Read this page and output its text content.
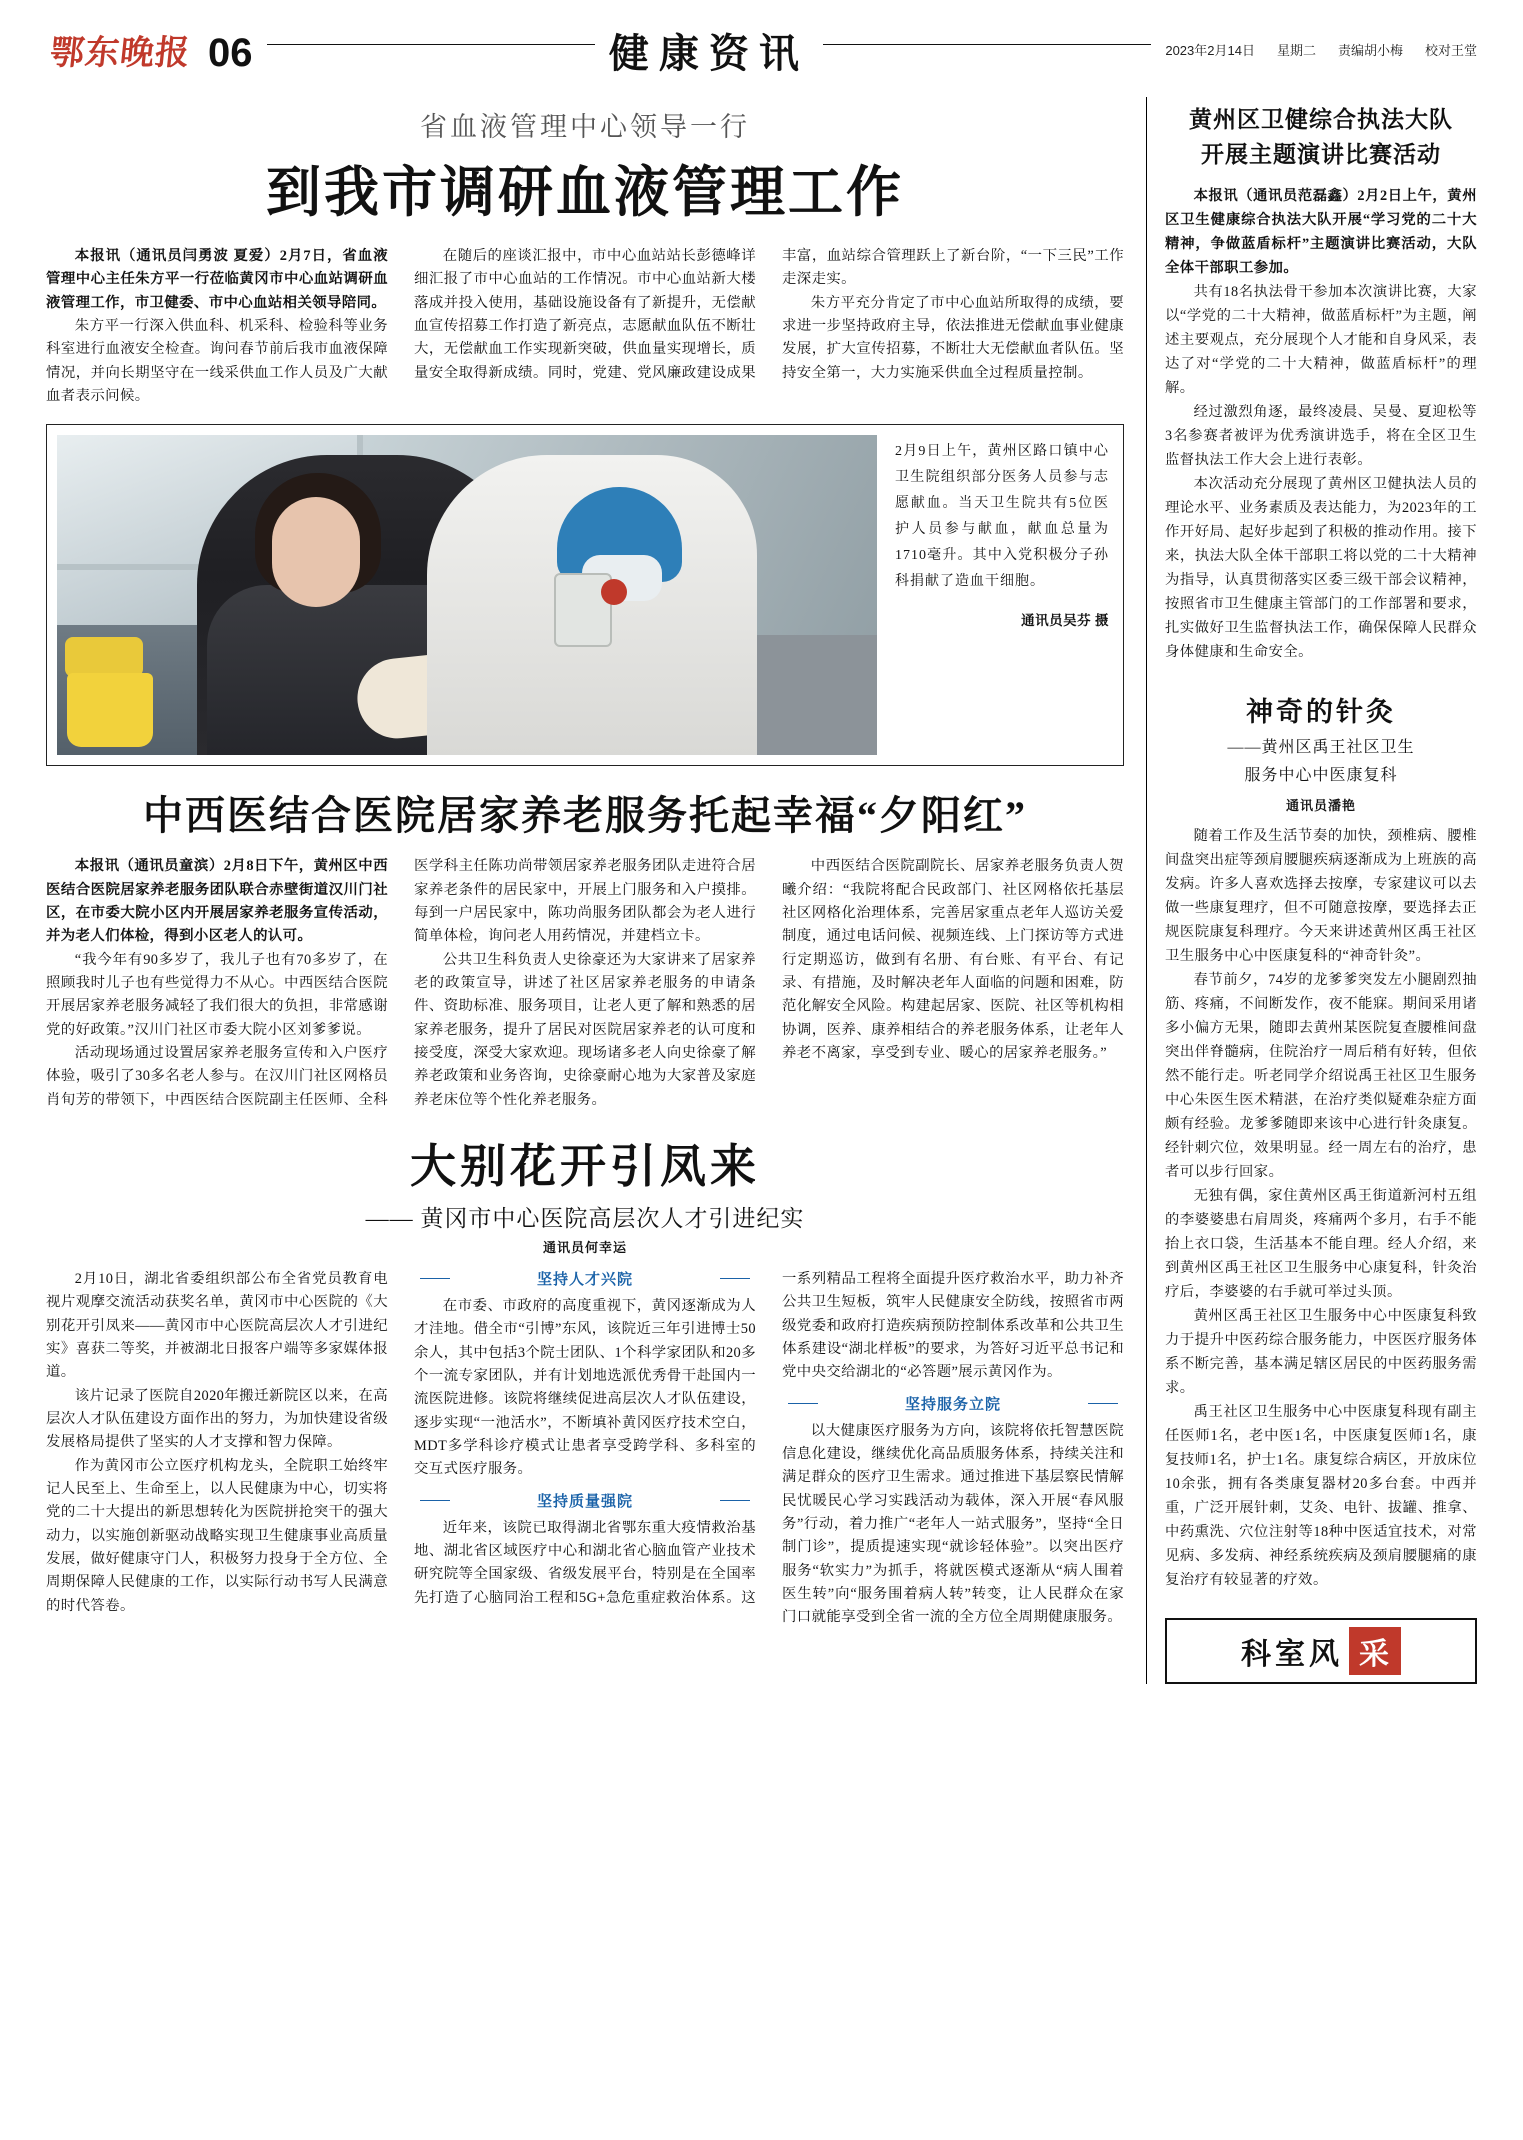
鄂东晚报 06	健康资讯	2023年2月14日 星期二 责编胡小梅 校对王堂
省血液管理中心领导一行
到我市调研血液管理工作

本报讯（通讯员闫勇波 夏爱）2月7日，省血液管理中心主任朱方平一行莅临黄冈市中心血站调研血液管理工作，市卫健委、市中心血站相关领导陪同。

朱方平一行深入供血科、机采科、检验科等业务科室进行血液安全检查。询问春节前后我市血液保障情况，并向长期坚守在一线采供血工作人员及广大献血者表示问候。

在随后的座谈汇报中，市中心血站站长彭德峰详细汇报了市中心血站的工作情况。市中心血站新大楼落成并投入使用，基础设施设备有了新提升，无偿献血宣传招募工作打造了新亮点，志愿献血队伍不断壮大，无偿献血工作实现新突破，供血量实现增长，质量安全取得新成绩。同时，党建、党风廉政建设成果丰富，血站综合管理跃上了新台阶，“一下三民”工作走深走实。

朱方平充分肯定了市中心血站所取得的成绩，要求进一步坚持政府主导，依法推进无偿献血事业健康发展，扩大宣传招募，不断壮大无偿献血者队伍。坚持安全第一，大力实施采供血全过程质量控制。

2月9日上午，黄州区路口镇中心卫生院组织部分医务人员参与志愿献血。当天卫生院共有5位医护人员参与献血，献血总量为1710毫升。其中入党积极分子孙科捐献了造血干细胞。
通讯员吴芬 摄
中西医结合医院居家养老服务托起幸福“夕阳红”

本报讯（通讯员童滨）2月8日下午，黄州区中西医结合医院居家养老服务团队联合赤壁街道汉川门社区，在市委大院小区内开展居家养老服务宣传活动，并为老人们体检，得到小区老人的认可。

“我今年有90多岁了，我儿子也有70多岁了，在照顾我时儿子也有些觉得力不从心。中西医结合医院开展居家养老服务减轻了我们很大的负担，非常感谢党的好政策。”汉川门社区市委大院小区刘爹爹说。

活动现场通过设置居家养老服务宣传和入户医疗体验，吸引了30多名老人参与。在汉川门社区网格员肖旬芳的带领下，中西医结合医院副主任医师、全科医学科主任陈功尚带领居家养老服务团队走进符合居家养老条件的居民家中，开展上门服务和入户摸排。每到一户居民家中，陈功尚服务团队都会为老人进行简单体检，询问老人用药情况，并建档立卡。

公共卫生科负责人史徐豪还为大家讲来了居家养老的政策宣导，讲述了社区居家养老服务的申请条件、资助标准、服务项目，让老人更了解和熟悉的居家养老服务，提升了居民对医院居家养老的认可度和接受度，深受大家欢迎。现场诸多老人向史徐豪了解养老政策和业务咨询，史徐豪耐心地为大家普及家庭养老床位等个性化养老服务。

中西医结合医院副院长、居家养老服务负责人贺曦介绍：“我院将配合民政部门、社区网格依托基层社区网格化治理体系，完善居家重点老年人巡访关爱制度，通过电话问候、视频连线、上门探访等方式进行定期巡访，做到有名册、有台账、有平台、有记录、有措施，及时解决老年人面临的问题和困难，防范化解安全风险。构建起居家、医院、社区等机构相协调，医养、康养相结合的养老服务体系，让老年人养老不离家，享受到专业、暖心的居家养老服务。”

大别花开引凤来
—— 黄冈市中心医院高层次人才引进纪实
通讯员何幸运

2月10日，湖北省委组织部公布全省党员教育电视片观摩交流活动获奖名单，黄冈市中心医院的《大别花开引凤来——黄冈市中心医院高层次人才引进纪实》喜获二等奖，并被湖北日报客户端等多家媒体报道。

该片记录了医院自2020年搬迁新院区以来，在高层次人才队伍建设方面作出的努力，为加快建设省级发展格局提供了坚实的人才支撑和智力保障。

作为黄冈市公立医疗机构龙头，全院职工始终牢记人民至上、生命至上，以人民健康为中心，切实将党的二十大提出的新思想转化为医院拼抢突干的强大动力，以实施创新驱动战略实现卫生健康事业高质量发展，做好健康守门人，积极努力投身于全方位、全周期保障人民健康的工作，以实际行动书写人民满意的时代答卷。

坚持人才兴院

在市委、市政府的高度重视下，黄冈逐渐成为人才洼地。借全市“引博”东风，该院近三年引进博士50余人，其中包括3个院士团队、1个科学家团队和20多个一流专家团队，并有计划地选派优秀骨干赴国内一流医院进修。该院将继续促进高层次人才队伍建设，逐步实现“一池活水”，不断填补黄冈医疗技术空白，MDT多学科诊疗模式让患者享受跨学科、多科室的交互式医疗服务。

坚持质量强院

近年来，该院已取得湖北省鄂东重大疫情救治基地、湖北省区域医疗中心和湖北省心脑血管产业技术研究院等全国家级、省级发展平台，特别是在全国率先打造了心脑同治工程和5G+急危重症救治体系。这一系列精品工程将全面提升医疗救治水平，助力补齐公共卫生短板，筑牢人民健康安全防线，按照省市两级党委和政府打造疾病预防控制体系改革和公共卫生体系建设“湖北样板”的要求，为答好习近平总书记和党中央交给湖北的“必答题”展示黄冈作为。

坚持服务立院

以大健康医疗服务为方向，该院将依托智慧医院信息化建设，继续优化高品质服务体系，持续关注和满足群众的医疗卫生需求。通过推进下基层察民情解民忧暖民心学习实践活动为载体，深入开展“春风服务”行动，着力推广“老年人一站式服务”，坚持“全日制门诊”，提质提速实现“就诊轻体验”。以突出医疗服务“软实力”为抓手，将就医模式逐渐从“病人围着医生转”向“服务围着病人转”转变，让人民群众在家门口就能享受到全省一流的全方位全周期健康服务。

黄州区卫健综合执法大队
开展主题演讲比赛活动

本报讯（通讯员范磊鑫）2月2日上午，黄州区卫生健康综合执法大队开展“学习党的二十大精神，争做蓝盾标杆”主题演讲比赛活动，大队全体干部职工参加。

共有18名执法骨干参加本次演讲比赛，大家以“学党的二十大精神，做蓝盾标杆”为主题，阐述主要观点，充分展现个人才能和自身风采，表达了对“学党的二十大精神，做蓝盾标杆”的理解。

经过激烈角逐，最终凌晨、吴曼、夏迎松等3名参赛者被评为优秀演讲选手，将在全区卫生监督执法工作大会上进行表彰。

本次活动充分展现了黄州区卫健执法人员的理论水平、业务素质及表达能力，为2023年的工作开好局、起好步起到了积极的推动作用。接下来，执法大队全体干部职工将以党的二十大精神为指导，认真贯彻落实区委三级干部会议精神，按照省市卫生健康主管部门的工作部署和要求，扎实做好卫生监督执法工作，确保保障人民群众身体健康和生命安全。

神奇的针灸
——黄州区禹王社区卫生
服务中心中医康复科
通讯员潘艳

随着工作及生活节奏的加快，颈椎病、腰椎间盘突出症等颈肩腰腿疾病逐渐成为上班族的高发病。许多人喜欢选择去按摩，专家建议可以去做一些康复理疗，但不可随意按摩，要选择去正规医院康复科理疗。今天来讲述黄州区禹王社区卫生服务中心中医康复科的“神奇针灸”。

春节前夕，74岁的龙爹爹突发左小腿剧烈抽筋、疼痛，不间断发作，夜不能寐。期间采用诸多小偏方无果，随即去黄州某医院复查腰椎间盘突出伴脊髓病，住院治疗一周后稍有好转，但依然不能行走。听老同学介绍说禹王社区卫生服务中心朱医生医术精湛，在治疗类似疑难杂症方面颇有经验。龙爹爹随即来该中心进行针灸康复。经针刺穴位，效果明显。经一周左右的治疗，患者可以步行回家。

无独有偶，家住黄州区禹王街道新河村五组的李婆婆患右肩周炎，疼痛两个多月，右手不能抬上衣口袋，生活基本不能自理。经人介绍，来到黄州区禹王社区卫生服务中心康复科，针灸治疗后，李婆婆的右手就可举过头顶。

黄州区禹王社区卫生服务中心中医康复科致力于提升中医药综合服务能力，中医医疗服务体系不断完善，基本满足辖区居民的中医药服务需求。

禹王社区卫生服务中心中医康复科现有副主任医师1名，老中医1名，中医康复医师1名，康复技师1名，护士1名。康复综合病区，开放床位10余张，拥有各类康复器材20多台套。中西并重，广泛开展针刺，艾灸、电针、拔罐、推拿、中药熏洗、穴位注射等18种中医适宜技术，对常见病、多发病、神经系统疾病及颈肩腰腿痛的康复治疗有较显著的疗效。

科室风 采
